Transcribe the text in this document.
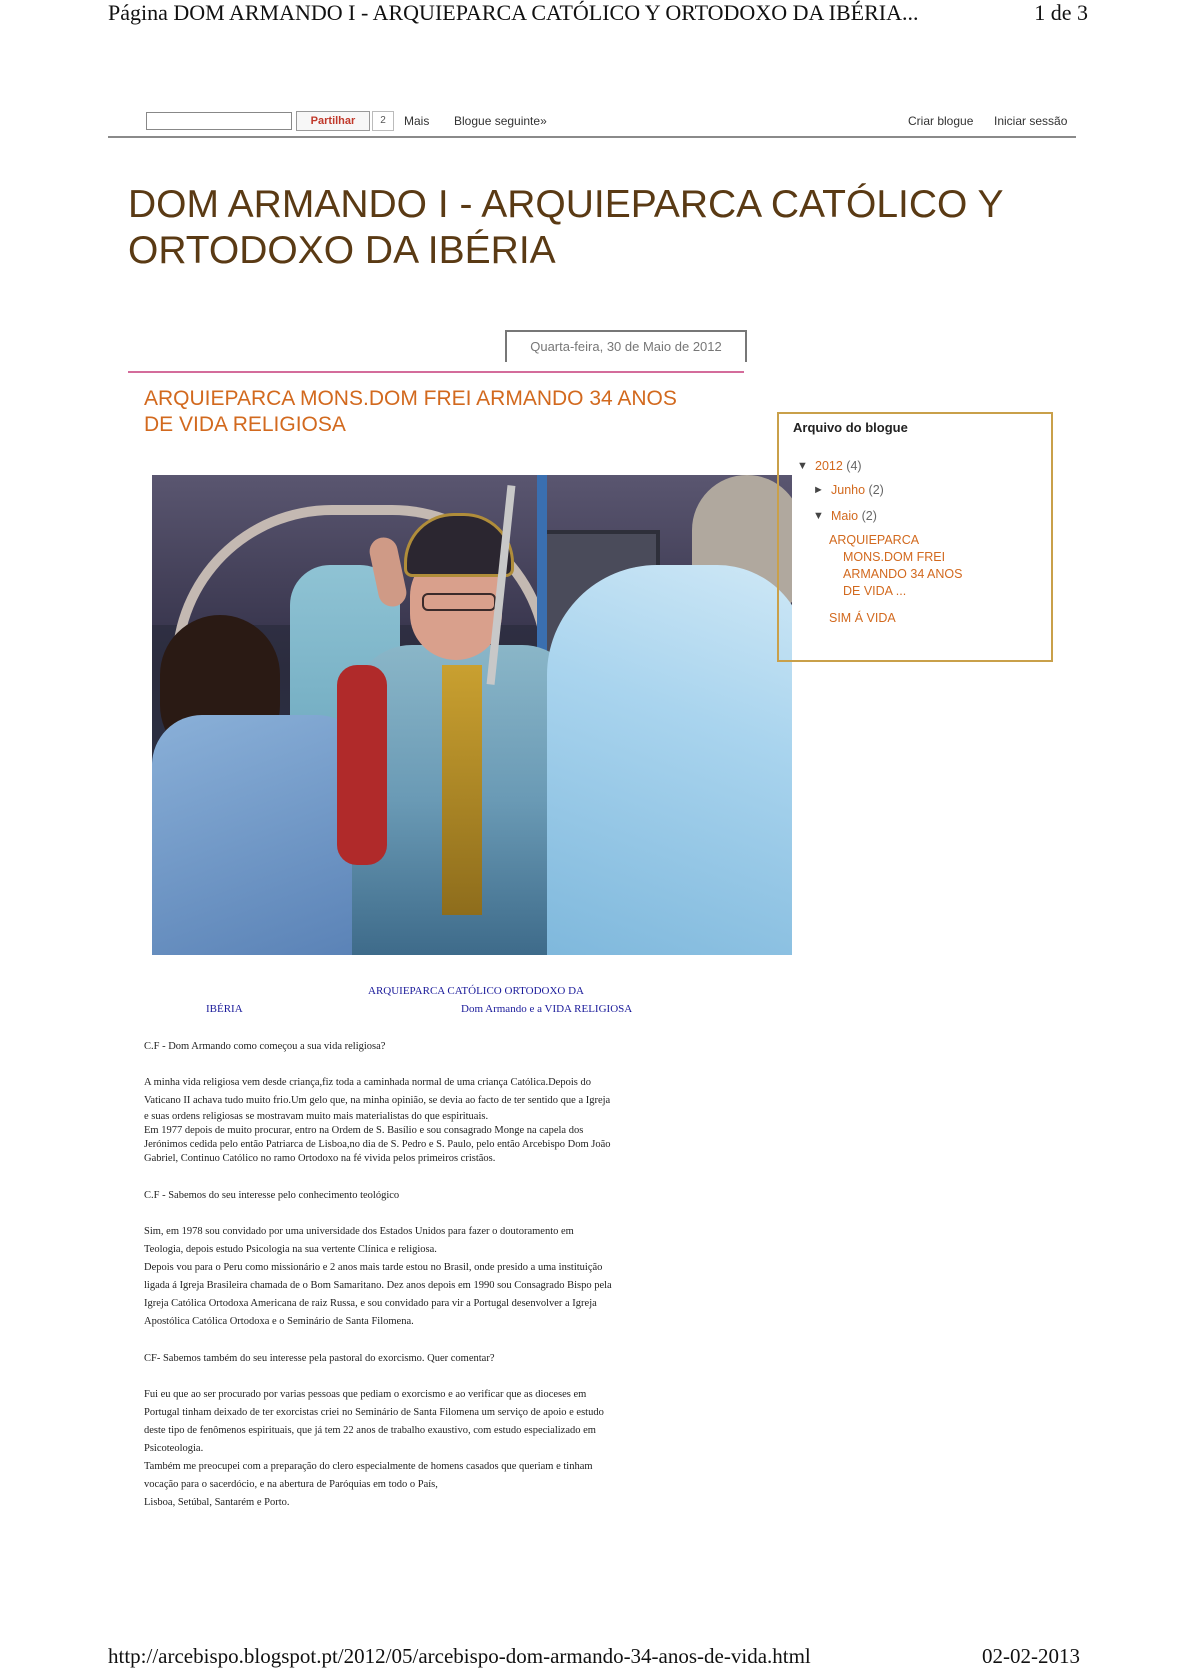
Página DOM ARMANDO I - ARQUIEPARCA CATÓLICO Y ORTODOXO DA IBÉRIA...	1 de 3
Partilhar	2	Mais Blogue seguinte»	Criar blogue Iniciar sessão
DOM ARMANDO I - ARQUIEPARCA CATÓLICO Y
ORTODOXO DA IBÉRIA
Quarta-feira, 30 de Maio de 2012
ARQUIEPARCA MONS.DOM FREI ARMANDO 34 ANOS
DE VIDA RELIGIOSA
ARQUIEPARCA CATÓLICO ORTODOXO DA
IBÉRIA	Dom Armando e a VIDA RELIGIOSA

C.F - Dom Armando como começou a sua vida religiosa?

A minha vida religiosa vem desde criança,fiz toda a caminhada normal de uma criança Católica.Depois do

Vaticano II achava tudo muito frio.Um gelo que, na minha opinião, se devia ao facto de ter sentido que a Igreja

e suas ordens religiosas se mostravam muito mais materialistas do que espirituais.

Em 1977 depois de muito procurar, entro na Ordem de S. Basílio e sou consagrado Monge na capela dos

Jerónimos cedida pelo então Patriarca de Lisboa,no dia de S. Pedro e S. Paulo, pelo então Arcebispo Dom João

Gabriel, Continuo Católico no ramo Ortodoxo na fé vivida pelos primeiros cristãos.

C.F - Sabemos do seu interesse pelo conhecimento teológico

Sim, em 1978 sou convidado por uma universidade dos Estados Unidos para fazer o doutoramento em

Teologia, depois estudo Psicologia na sua vertente Clínica e religiosa.

Depois vou para o Peru como missionário e 2 anos mais tarde estou no Brasil, onde presido a uma instituição

ligada á Igreja Brasileira chamada de o Bom Samaritano. Dez anos depois em 1990 sou Consagrado Bispo pela

Igreja Católica Ortodoxa Americana de raiz Russa, e sou convidado para vir a Portugal desenvolver a Igreja

Apostólica Católica Ortodoxa e o Seminário de Santa Filomena.

CF- Sabemos também do seu interesse pela pastoral do exorcismo. Quer comentar?

Fui eu que ao ser procurado por varias pessoas que pediam o exorcismo e ao verificar que as dioceses em

Portugal tinham deixado de ter exorcistas criei no Seminário de Santa Filomena um serviço de apoio e estudo

deste tipo de fenômenos espirituais, que já tem 22 anos de trabalho exaustivo, com estudo especializado em

Psicoteologia.

Também me preocupei com a preparação do clero especialmente de homens casados que queriam e tinham

vocação para o sacerdócio, e na abertura de Paróquias em todo o País,

Lisboa, Setúbal, Santarém e Porto.

Arquivo do blogue
▼ 2012 (4)
► Junho (2)
▼ Maio (2)
ARQUIEPARCA
MONS.DOM FREI
ARMANDO 34 ANOS
DE VIDA ...
SIM Á VIDA
http://arcebispo.blogspot.pt/2012/05/arcebispo-dom-armando-34-anos-de-vida.html	02-02-2013
